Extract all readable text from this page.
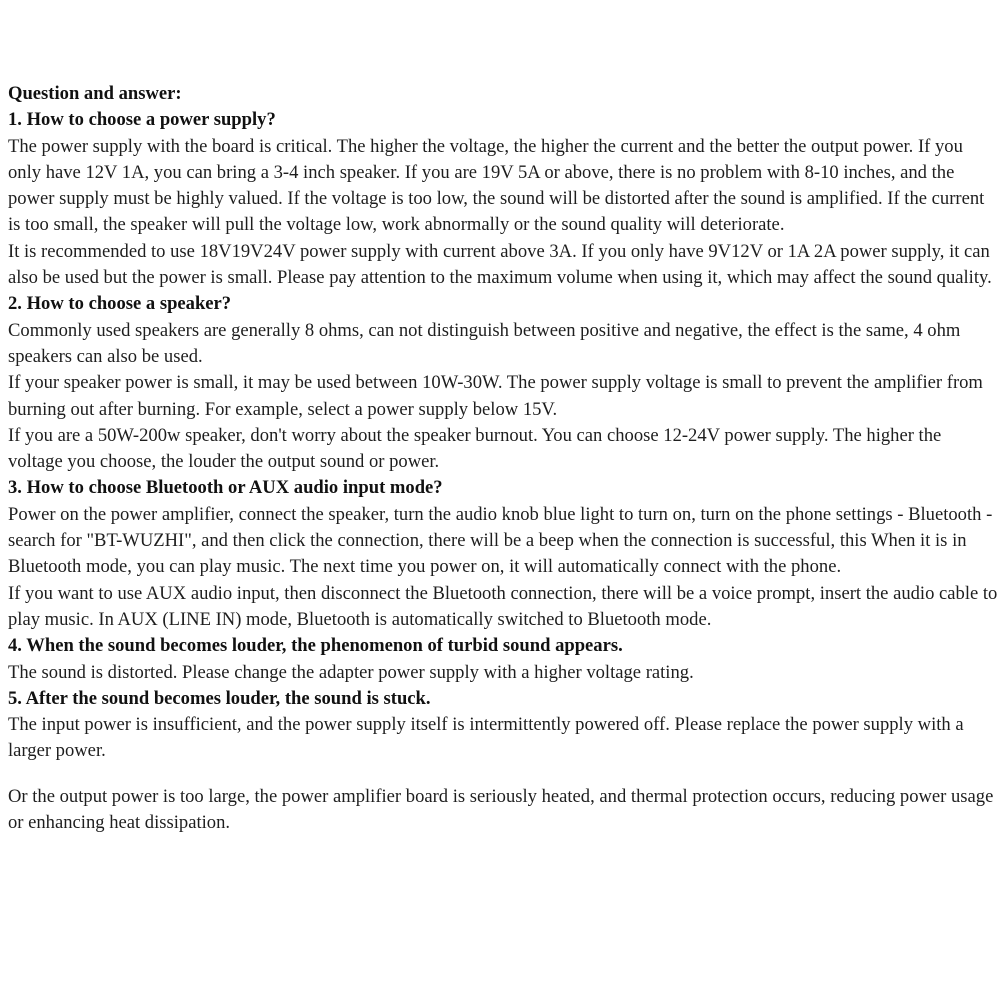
Question and answer:

1. How to choose a power supply?

The power supply with the board is critical. The higher the voltage, the higher the current and the better the output power. If you only have 12V 1A, you can bring a 3-4 inch speaker. If you are 19V 5A or above, there is no problem with 8-10 inches, and the power supply must be highly valued. If the voltage is too low, the sound will be distorted after the sound is amplified. If the current is too small, the speaker will pull the voltage low, work abnormally or the sound quality will deteriorate.

It is recommended to use 18V19V24V power supply with current above 3A. If you only have 9V12V or 1A 2A power supply, it can also be used but the power is small. Please pay attention to the maximum volume when using it, which may affect the sound quality.

2. How to choose a speaker?

Commonly used speakers are generally 8 ohms, can not distinguish between positive and negative, the effect is the same, 4 ohm speakers can also be used.

If your speaker power is small, it may be used between 10W-30W. The power supply voltage is small to prevent the amplifier from burning out after burning. For example, select a power supply below 15V.

If you are a 50W-200w speaker, don't worry about the speaker burnout. You can choose 12-24V power supply. The higher the voltage you choose, the louder the output sound or power.

3. How to choose Bluetooth or AUX audio input mode?

Power on the power amplifier, connect the speaker, turn the audio knob blue light to turn on, turn on the phone settings - Bluetooth - search for "BT-WUZHI", and then click the connection, there will be a beep when the connection is successful, this When it is in Bluetooth mode, you can play music. The next time you power on, it will automatically connect with the phone.

If you want to use AUX audio input, then disconnect the Bluetooth connection, there will be a voice prompt, insert the audio cable to play music. In AUX (LINE IN) mode, Bluetooth is automatically switched to Bluetooth mode.

4. When the sound becomes louder, the phenomenon of turbid sound appears.

The sound is distorted. Please change the adapter power supply with a higher voltage rating.

5. After the sound becomes louder, the sound is stuck.

The input power is insufficient, and the power supply itself is intermittently powered off. Please replace the power supply with a larger power.

Or the output power is too large, the power amplifier board is seriously heated, and thermal protection occurs, reducing power usage or enhancing heat dissipation.
